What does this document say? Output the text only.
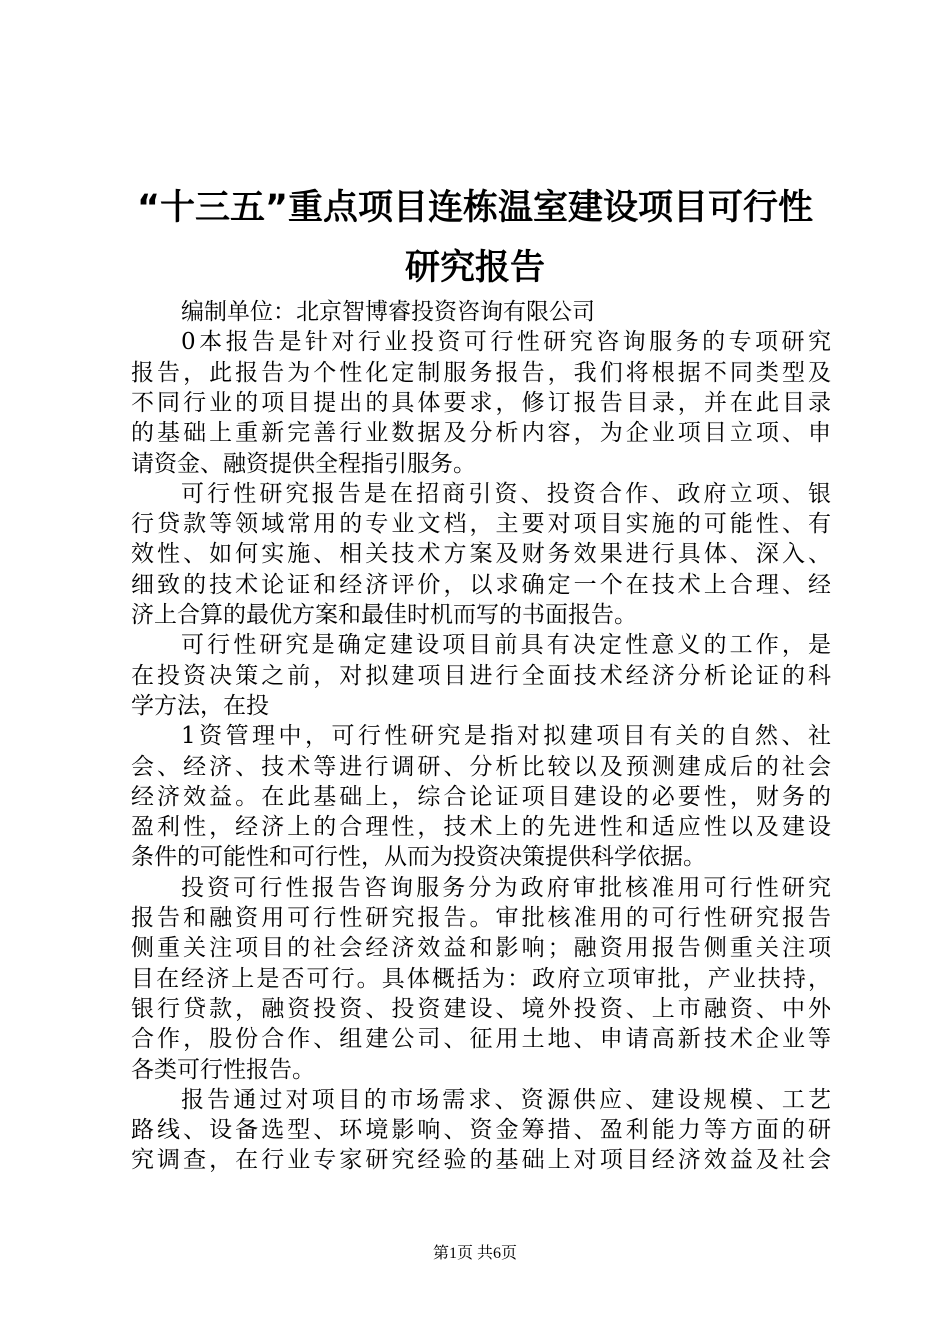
“十三五”重点项目连栋温室建设项目可行性
研究报告
编制单位：北京智博睿投资咨询有限公司
0本报告是针对行业投资可行性研究咨询服务的专项研究
报告，此报告为个性化定制服务报告，我们将根据不同类型及
不同行业的项目提出的具体要求，修订报告目录，并在此目录
的基础上重新完善行业数据及分析内容，为企业项目立项、申
请资金、融资提供全程指引服务。
可行性研究报告是在招商引资、投资合作、政府立项、银
行贷款等领域常用的专业文档，主要对项目实施的可能性、有
效性、如何实施、相关技术方案及财务效果进行具体、深入、
细致的技术论证和经济评价，以求确定一个在技术上合理、经
济上合算的最优方案和最佳时机而写的书面报告。
可行性研究是确定建设项目前具有决定性意义的工作，是
在投资决策之前，对拟建项目进行全面技术经济分析论证的科
学方法，在投
1资管理中，可行性研究是指对拟建项目有关的自然、社
会、经济、技术等进行调研、分析比较以及预测建成后的社会
经济效益。在此基础上，综合论证项目建设的必要性，财务的
盈利性，经济上的合理性，技术上的先进性和适应性以及建设
条件的可能性和可行性，从而为投资决策提供科学依据。
投资可行性报告咨询服务分为政府审批核准用可行性研究
报告和融资用可行性研究报告。审批核准用的可行性研究报告
侧重关注项目的社会经济效益和影响；融资用报告侧重关注项
目在经济上是否可行。具体概括为：政府立项审批，产业扶持，
银行贷款，融资投资、投资建设、境外投资、上市融资、中外
合作，股份合作、组建公司、征用土地、申请高新技术企业等
各类可行性报告。
报告通过对项目的市场需求、资源供应、建设规模、工艺
路线、设备选型、环境影响、资金筹措、盈利能力等方面的研
究调查，在行业专家研究经验的基础上对项目经济效益及社会
第1页 共6页
